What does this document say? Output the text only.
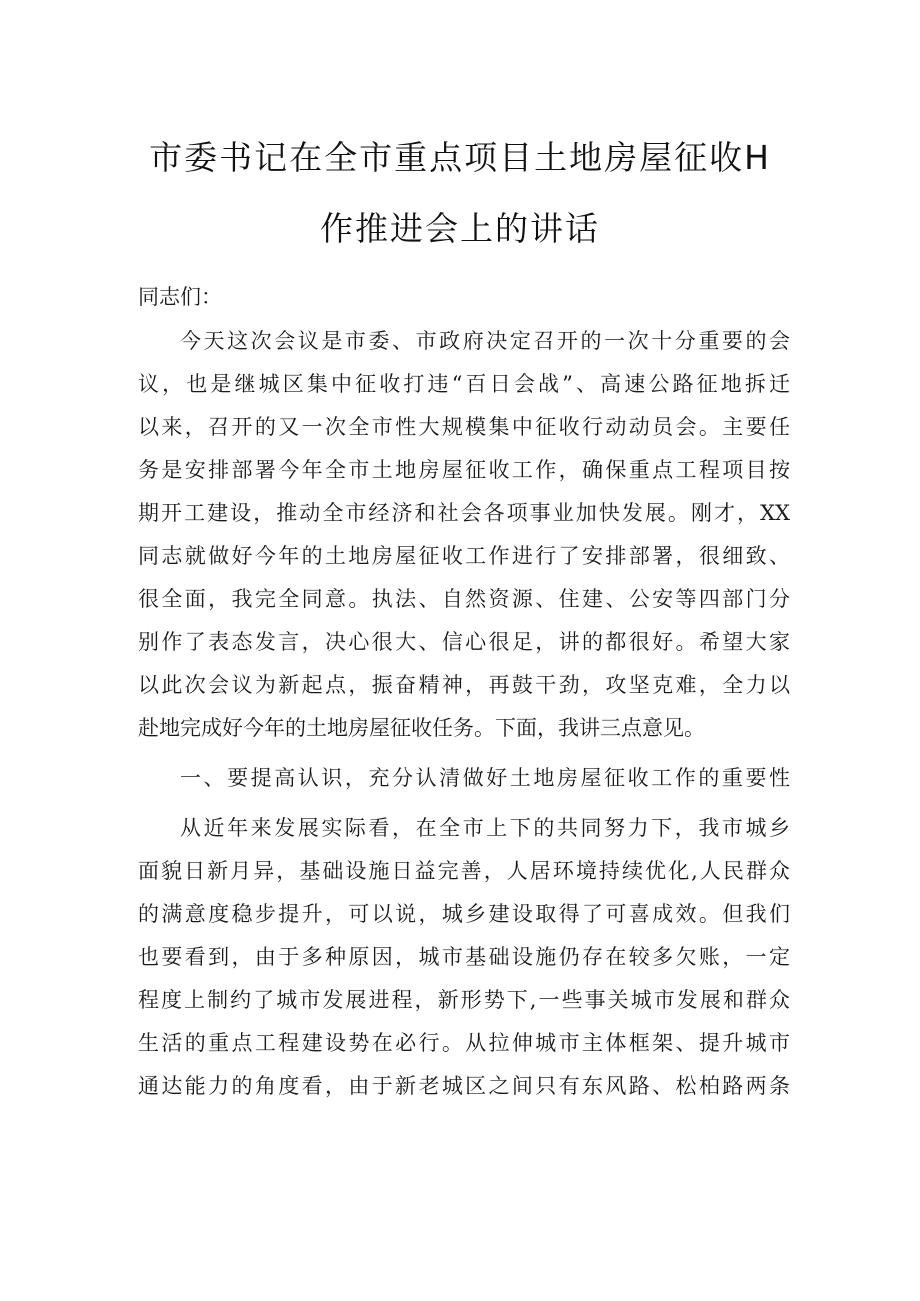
市委书记在全市重点项目土地房屋征收H
作推进会上的讲话
同志们：
今天这次会议是市委、市政府决定召开的一次十分重要的会
议，也是继城区集中征收打违“百日会战”、高速公路征地拆迁
以来，召开的又一次全市性大规模集中征收行动动员会。主要任
务是安排部署今年全市土地房屋征收工作，确保重点工程项目按
期开工建设，推动全市经济和社会各项事业加快发展。刚才，XX
同志就做好今年的土地房屋征收工作进行了安排部署，很细致、
很全面，我完全同意。执法、自然资源、住建、公安等四部门分
别作了表态发言，决心很大、信心很足，讲的都很好。希望大家
以此次会议为新起点，振奋精神，再鼓干劲，攻坚克难，全力以
赴地完成好今年的土地房屋征收任务。下面，我讲三点意见。
一、要提高认识，充分认清做好土地房屋征收工作的重要性
从近年来发展实际看，在全市上下的共同努力下，我市城乡
面貌日新月异，基础设施日益完善，人居环境持续优化,人民群众
的满意度稳步提升，可以说，城乡建设取得了可喜成效。但我们
也要看到，由于多种原因，城市基础设施仍存在较多欠账，一定
程度上制约了城市发展进程，新形势下,一些事关城市发展和群众
生活的重点工程建设势在必行。从拉伸城市主体框架、提升城市
通达能力的角度看，由于新老城区之间只有东风路、松柏路两条
